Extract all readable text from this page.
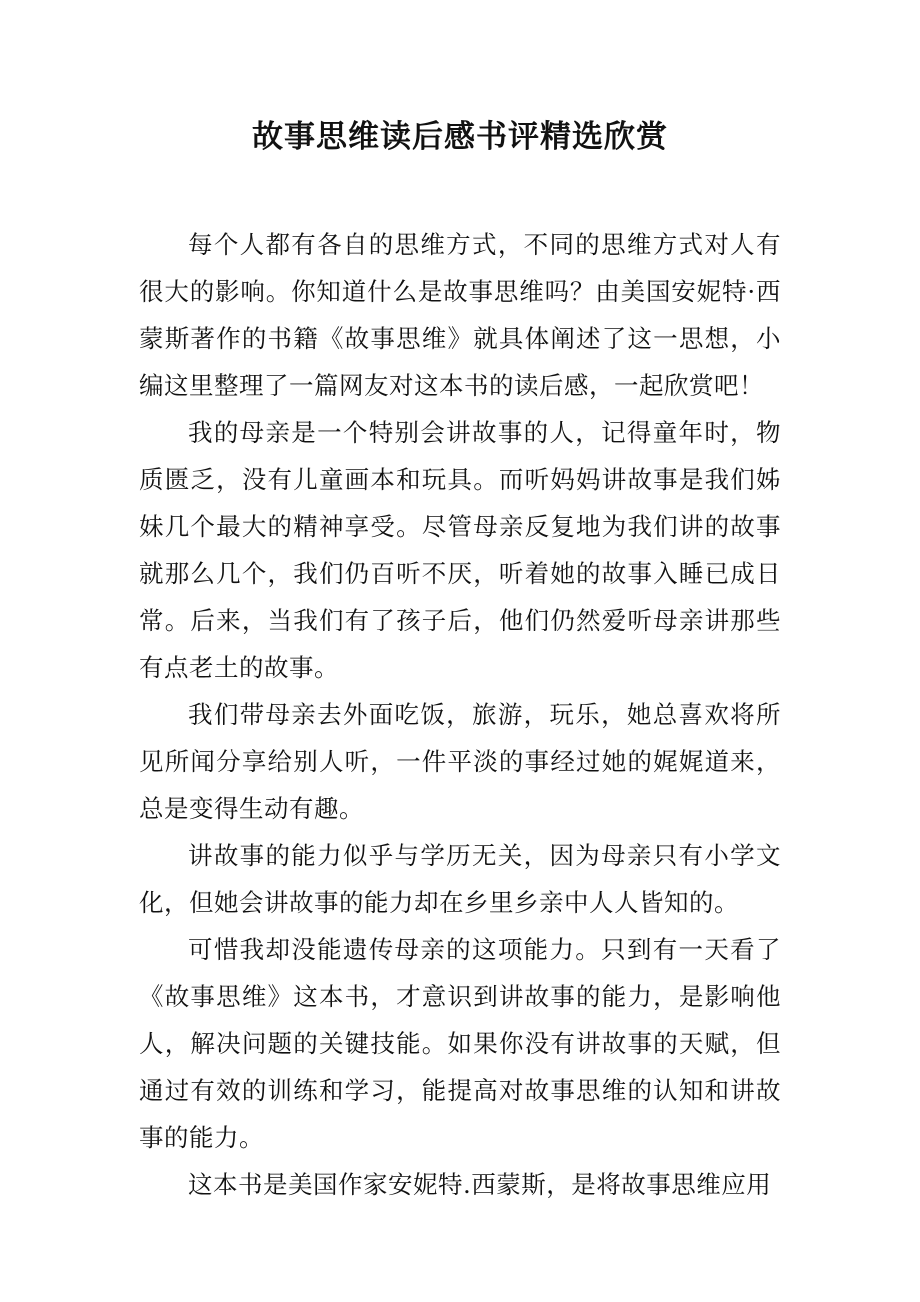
故事思维读后感书评精选欣赏

每个人都有各自的思维方式，不同的思维方式对人有很大的影响。你知道什么是故事思维吗？由美国安妮特·西蒙斯著作的书籍《故事思维》就具体阐述了这一思想，小编这里整理了一篇网友对这本书的读后感，一起欣赏吧！

我的母亲是一个特别会讲故事的人，记得童年时，物质匮乏，没有儿童画本和玩具。而听妈妈讲故事是我们姊妹几个最大的精神享受。尽管母亲反复地为我们讲的故事就那么几个，我们仍百听不厌，听着她的故事入睡已成日常。后来，当我们有了孩子后，他们仍然爱听母亲讲那些有点老土的故事。

我们带母亲去外面吃饭，旅游，玩乐，她总喜欢将所见所闻分享给别人听，一件平淡的事经过她的娓娓道来，总是变得生动有趣。

讲故事的能力似乎与学历无关，因为母亲只有小学文化，但她会讲故事的能力却在乡里乡亲中人人皆知的。

可惜我却没能遗传母亲的这项能力。只到有一天看了《故事思维》这本书，才意识到讲故事的能力，是影响他人，解决问题的关键技能。如果你没有讲故事的天赋，但通过有效的训练和学习，能提高对故事思维的认知和讲故事的能力。

这本书是美国作家安妮特.西蒙斯，是将故事思维应用
